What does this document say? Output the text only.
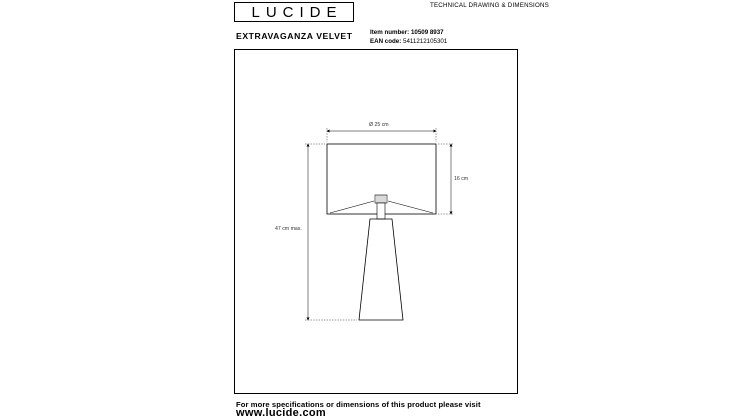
LUCIDE	TECHNICAL DRAWING & DIMENSIONS
EXTRAVAGANZA VELVET	Item number: 10509 8937
EAN code: 5411212105301
Ø 25 cm
16 cm
47 cm max.
For more specifications or dimensions of this product please visit
www.lucide.com
